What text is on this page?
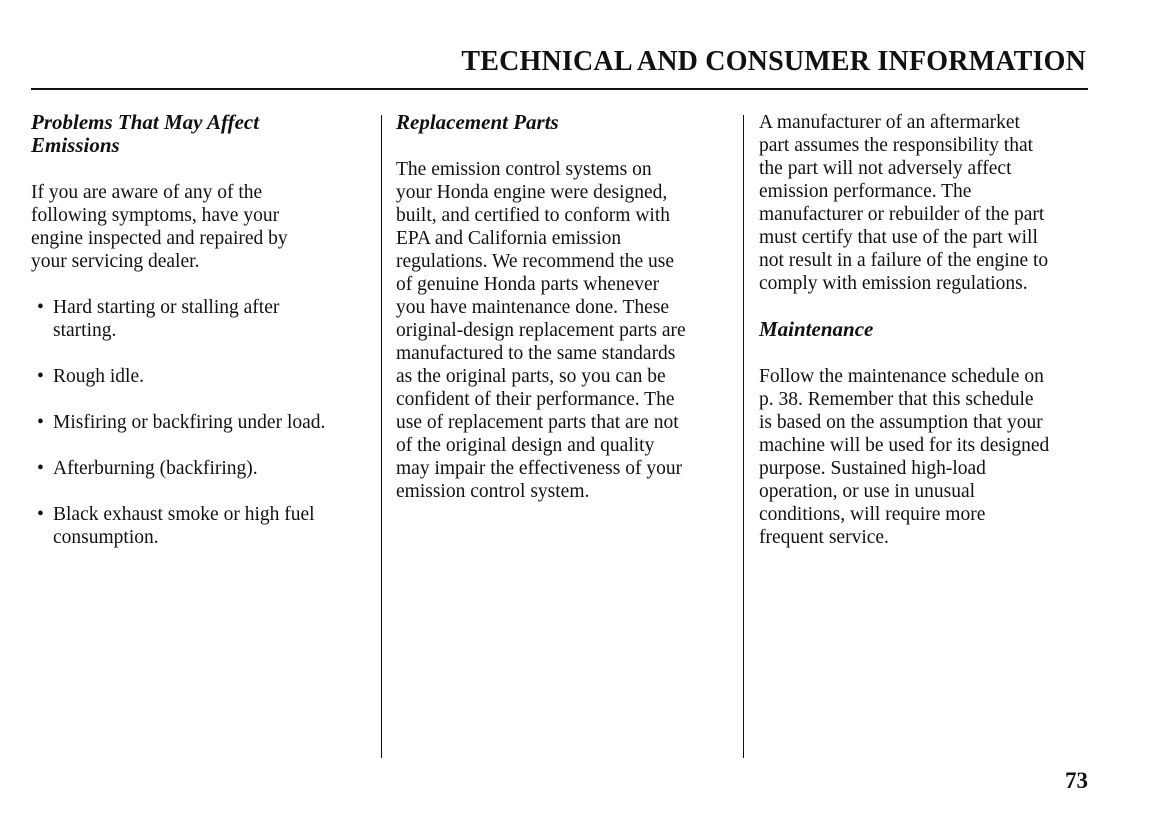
TECHNICAL AND CONSUMER INFORMATION
Problems That May Affect
Emissions

If you are aware of any of the
following symptoms, have your
engine inspected and repaired by
your servicing dealer.

• Hard starting or stalling after
starting.
• Rough idle.
• Misfiring or backfiring under load.
• Afterburning (backfiring).
• Black exhaust smoke or high fuel
consumption.
Replacement Parts

The emission control systems on
your Honda engine were designed,
built, and certified to conform with
EPA and California emission
regulations. We recommend the use
of genuine Honda parts whenever
you have maintenance done. These
original-design replacement parts are
manufactured to the same standards
as the original parts, so you can be
confident of their performance. The
use of replacement parts that are not
of the original design and quality
may impair the effectiveness of your
emission control system.

A manufacturer of an aftermarket
part assumes the responsibility that
the part will not adversely affect
emission performance. The
manufacturer or rebuilder of the part
must certify that use of the part will
not result in a failure of the engine to
comply with emission regulations.

Maintenance

Follow the maintenance schedule on
p. 38. Remember that this schedule
is based on the assumption that your
machine will be used for its designed
purpose. Sustained high-load
operation, or use in unusual
conditions, will require more
frequent service.

73
